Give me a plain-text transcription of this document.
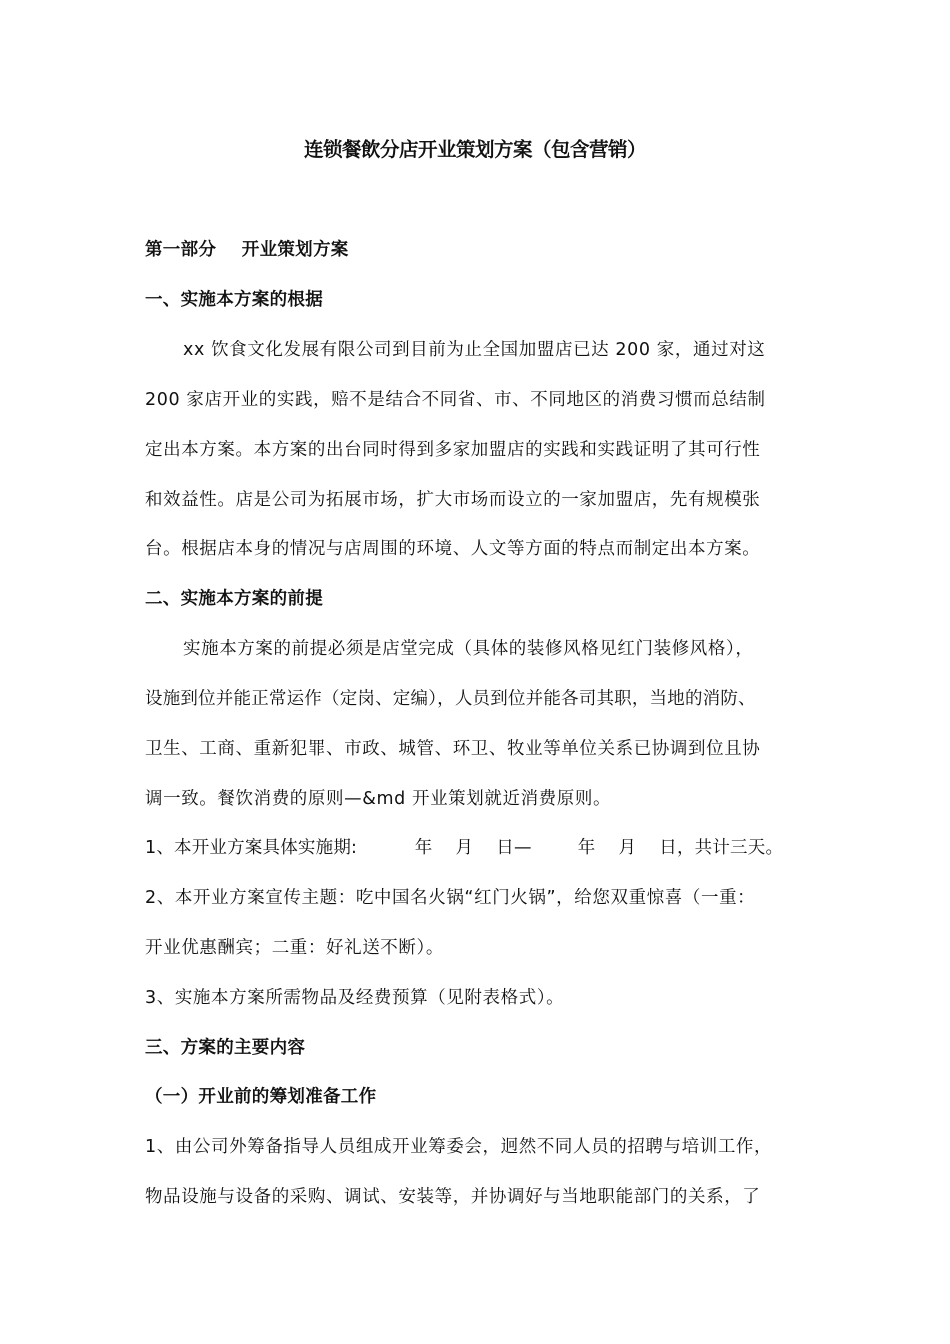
连锁餐飲分店开业策划方案（包含营销）
第一部分    开业策划方案
一、实施本方案的根据
xx 饮食文化发展有限公司到目前为止全国加盟店已达 200 家，通过对这
200 家店开业的实践，赔不是结合不同省、市、不同地区的消费习惯而总结制
定出本方案。本方案的出台同时得到多家加盟店的实践和实践证明了其可行性
和效益性。店是公司为拓展市场，扩大市场而设立的一家加盟店，先有规模张
台。根据店本身的情况与店周围的环境、人文等方面的特点而制定出本方案。
二、实施本方案的前提
实施本方案的前提必须是店堂完成（具体的装修风格见红门装修风格），
设施到位并能正常运作（定岗、定编），人员到位并能各司其职，当地的消防、
卫生、工商、重新犯罪、市政、城管、环卫、牧业等单位关系已协调到位且协
调一致。餐饮消费的原则—&md 开业策划就近消费原则。
1、本开业方案具体实施期:          年    月    日—        年    月    日，共计三天。
2、本开业方案宣传主题：吃中国名火锅“红门火锅”，给您双重惊喜（一重：
开业优惠酬宾；二重：好礼送不断）。
3、实施本方案所需物品及经费预算（见附表格式）。
三、方案的主要内容
（一）开业前的筹划准备工作
1、由公司外筹备指导人员组成开业筹委会，迥然不同人员的招聘与培训工作，
物品设施与设备的采购、调试、安装等，并协调好与当地职能部门的关系，了
